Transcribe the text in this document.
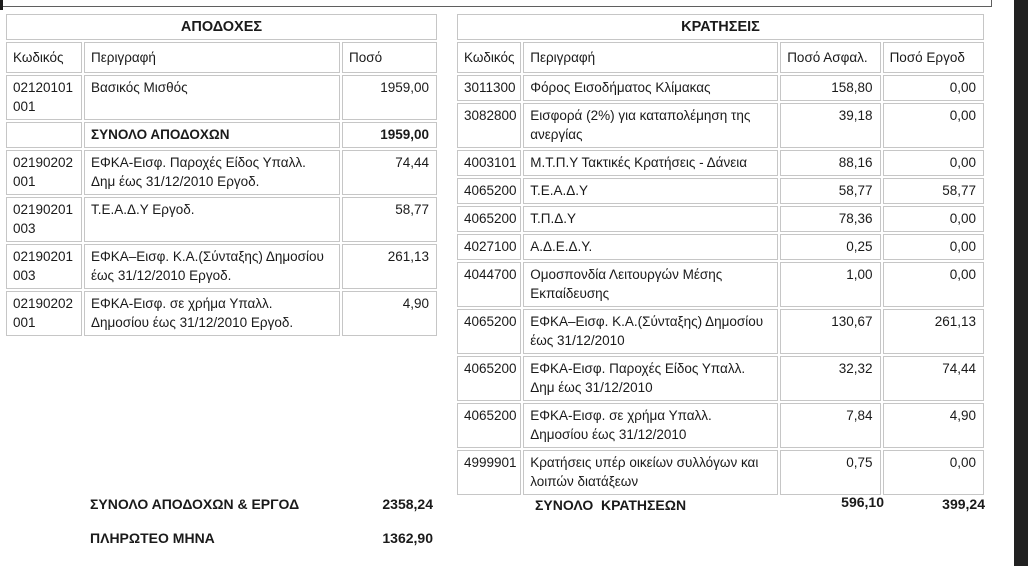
ΑΠΟΔΟΧΕΣ		
Κωδικός	Περιγραφή	Ποσό
02120101 001	Βασικός Μισθός	1959,00
	ΣΥΝΟΛΟ ΑΠΟΔΟΧΩΝ	1959,00
02190202 001	ΕΦΚΑ-Εισφ. Παροχές Είδος Υπαλλ. Δημ έως 31/12/2010 Εργοδ.	74,44
02190201 003	Τ.Ε.Α.Δ.Υ Εργοδ.	58,77
02190201 003	ΕΦΚΑ–Εισφ. Κ.Α.(Σύνταξης) Δημοσίου έως 31/12/2010 Εργοδ.	261,13
02190202 001	ΕΦΚΑ-Εισφ. σε χρήμα Υπαλλ. Δημοσίου έως 31/12/2010 Εργοδ.	4,90
ΚΡΑΤΗΣΕΙΣ			
Κωδικός	Περιγραφή	Ποσό Ασφαλ.	Ποσό Εργοδ
3011300	Φόρος Εισοδήματος Κλίμακας	158,80	0,00
3082800	Εισφορά (2%) για καταπολέμηση της ανεργίας	39,18	0,00
4003101	Μ.Τ.Π.Υ Τακτικές Κρατήσεις - Δάνεια	88,16	0,00
4065200	Τ.Ε.Α.Δ.Υ	58,77	58,77
4065200	Τ.Π.Δ.Υ	78,36	0,00
4027100	Α.Δ.Ε.Δ.Υ.	0,25	0,00
4044700	Ομοσπονδία Λειτουργών Μέσης Εκπαίδευσης	1,00	0,00
4065200	ΕΦΚΑ–Εισφ. Κ.Α.(Σύνταξης) Δημοσίου έως 31/12/2010	130,67	261,13
4065200	ΕΦΚΑ-Εισφ. Παροχές Είδος Υπαλλ. Δημ έως 31/12/2010	32,32	74,44
4065200	ΕΦΚΑ-Εισφ. σε χρήμα Υπαλλ. Δημοσίου έως 31/12/2010	7,84	4,90
4999901	Κρατήσεις υπέρ οικείων συλλόγων και λοιπών διατάξεων	0,75	0,00
ΣΥΝΟΛΟ ΑΠΟΔΟΧΩΝ & ΕΡΓΟΔ	2358,24
ΠΛΗΡΩΤΕΟ ΜΗΝΑ	1362,90
ΣΥΝΟΛΟ  ΚΡΑΤΗΣΕΩΝ	596,10	399,24
